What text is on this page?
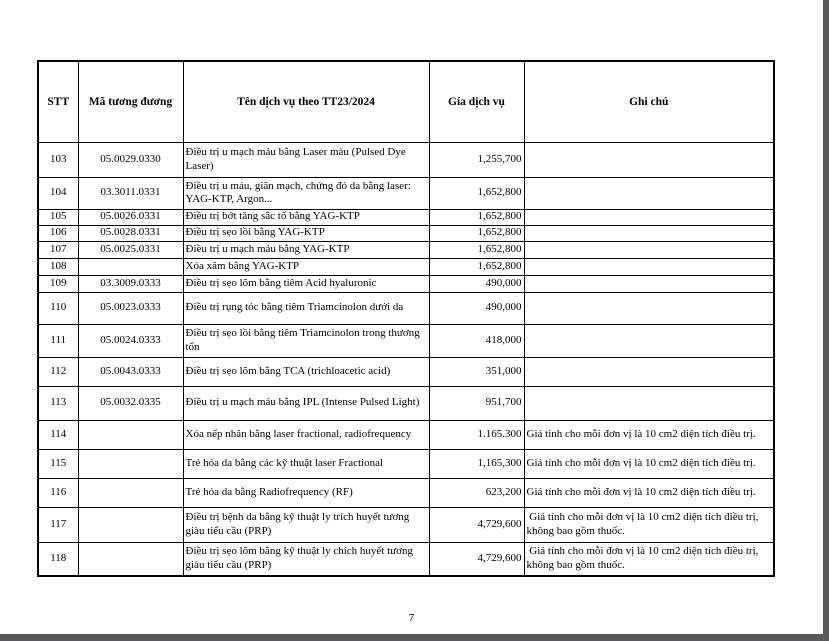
STT	Mã tương đương	Tên dịch vụ theo TT23/2024	Gía dịch vụ	Ghi chú
103	05.0029.0330	Điều trị u mạch máu bằng Laser màu (Pulsed Dye Laser)	1,255,700	
104	03.3011.0331	Điều trị u máu, giãn mạch, chứng đỏ da bằng laser: YAG-KTP, Argon...	1,652,800	
105	05.0026.0331	Điều trị bớt tăng sắc tố bằng YAG-KTP	1,652,800	
106	05.0028.0331	Điều trị sẹo lồi bằng YAG-KTP	1,652,800	
107	05.0025.0331	Điều trị u mạch máu bằng YAG-KTP	1,652,800	
108		Xóa xăm bằng YAG-KTP	1,652,800	
109	03.3009.0333	Điều trị sẹo lõm bằng tiêm Acid hyaluronic	490,000	
110	05.0023.0333	Điều trị rụng tóc bằng tiêm Triamcinolon dưới da	490,000	
111	05.0024.0333	Điều trị sẹo lồi bằng tiêm Triamcinolon trong thương tổn	418,000	
112	05.0043.0333	Điều trị sẹo lõm bằng TCA (trichloacetic acid)	351,000	
113	05.0032.0335	Điều trị u mạch máu bằng IPL (Intense Pulsed Light)	951,700	
114		Xóa nếp nhăn bằng laser fractional, radiofrequency	1.165.300	Giá tính cho mỗi đơn vị là 10 cm2 diện tích điều trị.
115		Trẻ hóa da bằng các kỹ thuật laser Fractional	1,165,300	Giá tính cho mỗi đơn vị là 10 cm2 diện tích điều trị.
116		Trẻ hóa da bằng Radiofrequency (RF)	623,200	Giá tính cho mỗi đơn vị là 10 cm2 diện tích điều trị.
117		Điều trị bệnh da bằng kỹ thuật ly trích huyết tương giàu tiểu cầu (PRP)	4,729,600	Giá tính cho mỗi đơn vị là 10 cm2 diện tích điều trị, không bao gồm thuốc.
118		Điều trị sẹo lõm bằng kỹ thuật ly chích huyết tương giàu tiểu cầu (PRP)	4,729,600	Giá tính cho mỗi đơn vị là 10 cm2 diện tích điều trị, không bao gồm thuốc.
7
